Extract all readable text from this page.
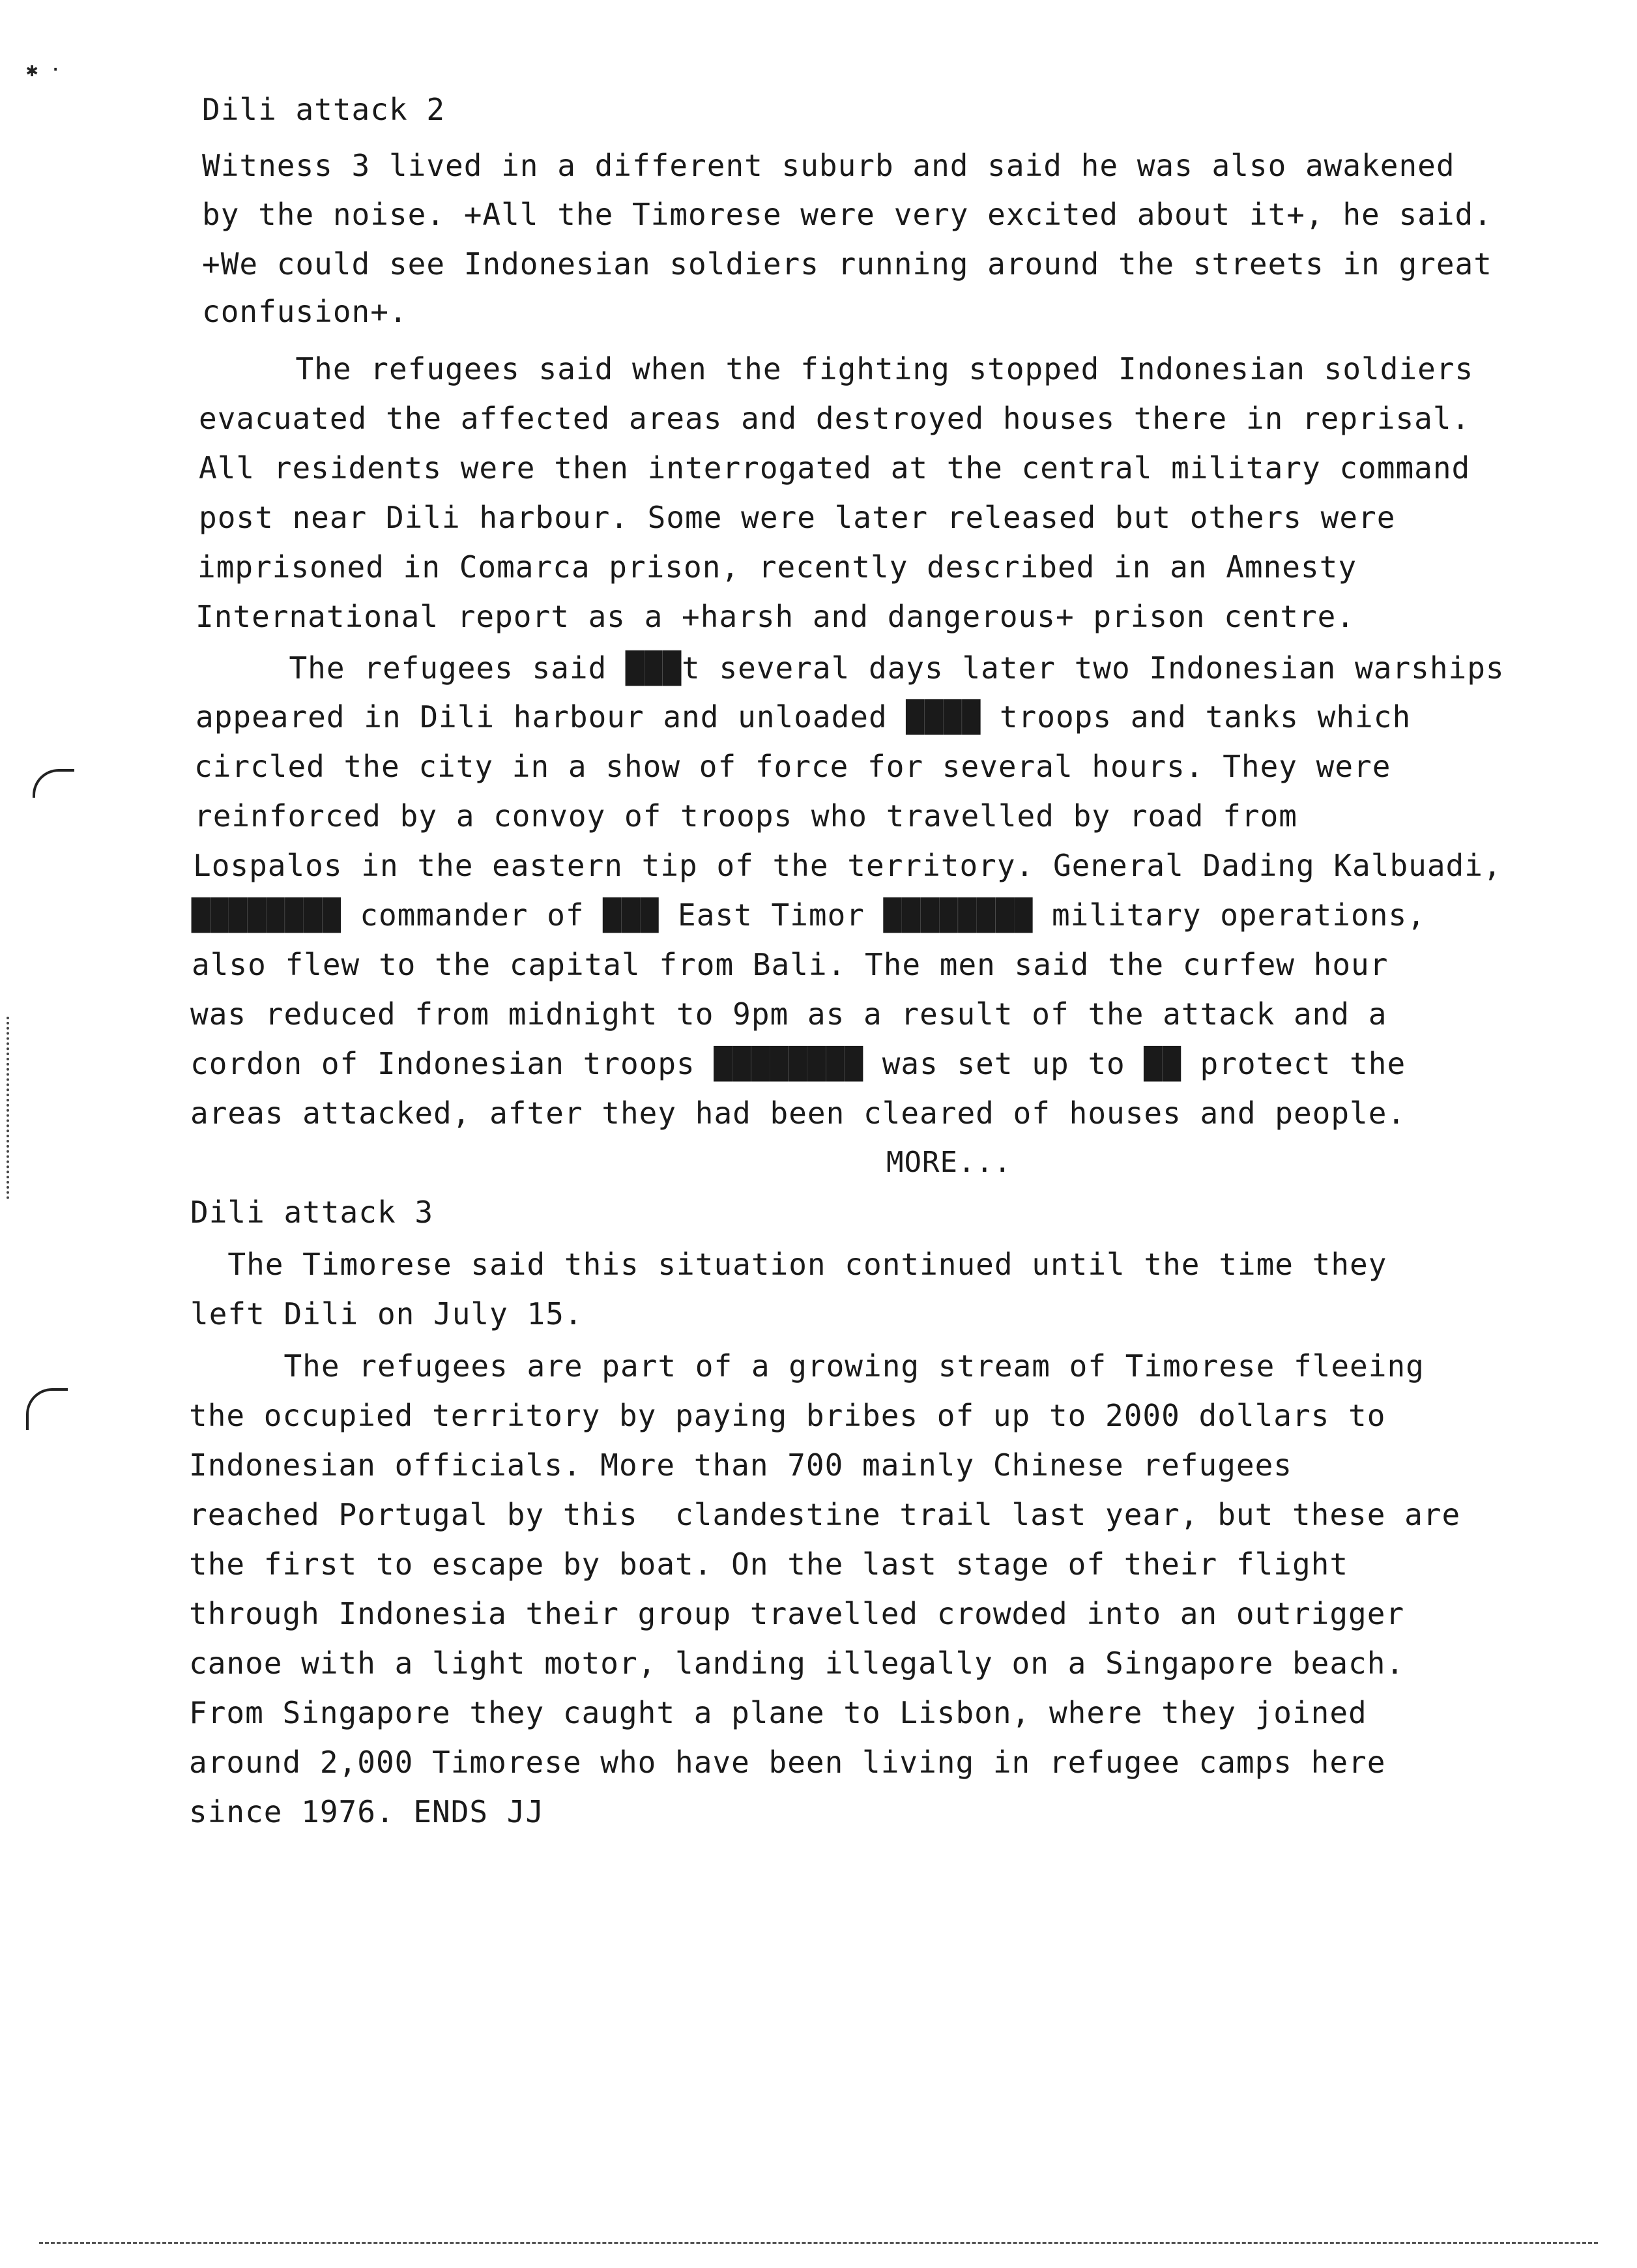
✱ ·
Dili attack 2
Witness 3 lived in a different suburb and said he was also awakened
by the noise. +All the Timorese were very excited about it+, he said.
+We could see Indonesian soldiers running around the streets in great
confusion+.
The refugees said when the fighting stopped Indonesian soldiers
evacuated the affected areas and destroyed houses there in reprisal.
All residents were then interrogated at the central military command
post near Dili harbour. Some were later released but others were
imprisoned in Comarca prison, recently described in an Amnesty
International report as a +harsh and dangerous+ prison centre.
The refugees said ███t several days later two Indonesian warships
appeared in Dili harbour and unloaded ████ troops and tanks which
circled the city in a show of force for several hours. They were
reinforced by a convoy of troops who travelled by road from
Lospalos in the eastern tip of the territory. General Dading Kalbuadi,
████████ commander of ███ East Timor ████████ military operations,
also flew to the capital from Bali. The men said the curfew hour
was reduced from midnight to 9pm as a result of the attack and a
cordon of Indonesian troops ████████ was set up to ██ protect the
areas attacked, after they had been cleared of houses and people.
MORE...
Dili attack 3
The Timorese said this situation continued until the time they
left Dili on July 15.
The refugees are part of a growing stream of Timorese fleeing
the occupied territory by paying bribes of up to 2000 dollars to
Indonesian officials. More than 700 mainly Chinese refugees
reached Portugal by this  clandestine trail last year, but these are
the first to escape by boat. On the last stage of their flight
through Indonesia their group travelled crowded into an outrigger
canoe with a light motor, landing illegally on a Singapore beach.
From Singapore they caught a plane to Lisbon, where they joined
around 2,000 Timorese who have been living in refugee camps here
since 1976. ENDS JJ
